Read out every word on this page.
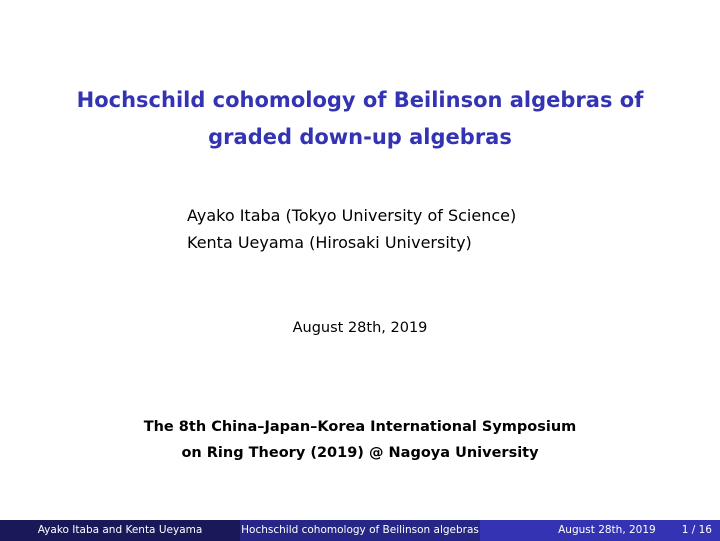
Hochschild cohomology of Beilinson algebras of
graded down-up algebras
Ayako Itaba (Tokyo University of Science)
Kenta Ueyama (Hirosaki University)
August 28th, 2019
The 8th China–Japan–Korea International Symposium
on Ring Theory (2019) @ Nagoya University
Ayako Itaba and Kenta Ueyama	Hochschild cohomology of Beilinson algebras	August 28th, 2019 1 / 16
